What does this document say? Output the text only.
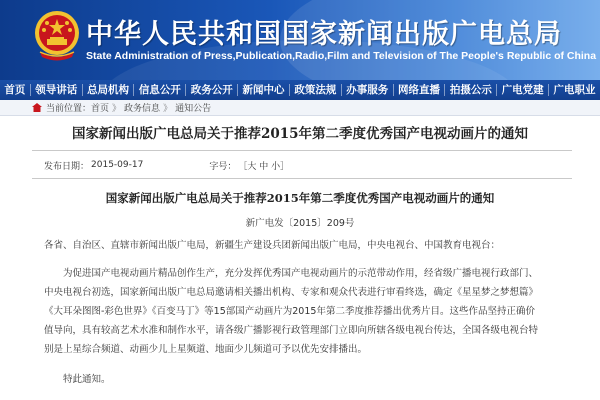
中华人民共和国国家新闻出版广电总局
State Administration of Press,Publication,Radio,Film and Television of The People's Republic of China
首页 领导讲话 总局机构 信息公开 政务公开 新闻中心 政策法规 办事服务 网络直播 拍摄公示 广电党建 广电职业
当前位置： 首页 》 政务信息 》 通知公告
国家新闻出版广电总局关于推荐2015年第二季度优秀国产电视动画片的通知
发布日期： 2015-09-17	字号： ［大 中 小］
国家新闻出版广电总局关于推荐2015年第二季度优秀国产电视动画片的通知
新广电发〔2015〕209号
各省、自治区、直辖市新闻出版广电局，新疆生产建设兵团新闻出版广电局，中央电视台、中国教育电视台：
为促进国产电视动画片精品创作生产，充分发挥优秀国产电视动画片的示范带动作用，经省级广播电视行政部门、中央电视台初选，国家新闻出版广电总局邀请相关播出机构、专家和观众代表进行审看终选，确定《星星梦之梦想篇》《大耳朵图图-彩色世界》《百变马丁》等15部国产动画片为2015年第二季度推荐播出优秀片目。这些作品坚持正确价值导向，具有较高艺术水准和制作水平，请各级广播影视行政管理部门立即向所辖各级电视台传达，全国各级电视台特别是上星综合频道、动画少儿上星频道、地面少儿频道可予以优先安排播出。
特此通知。
